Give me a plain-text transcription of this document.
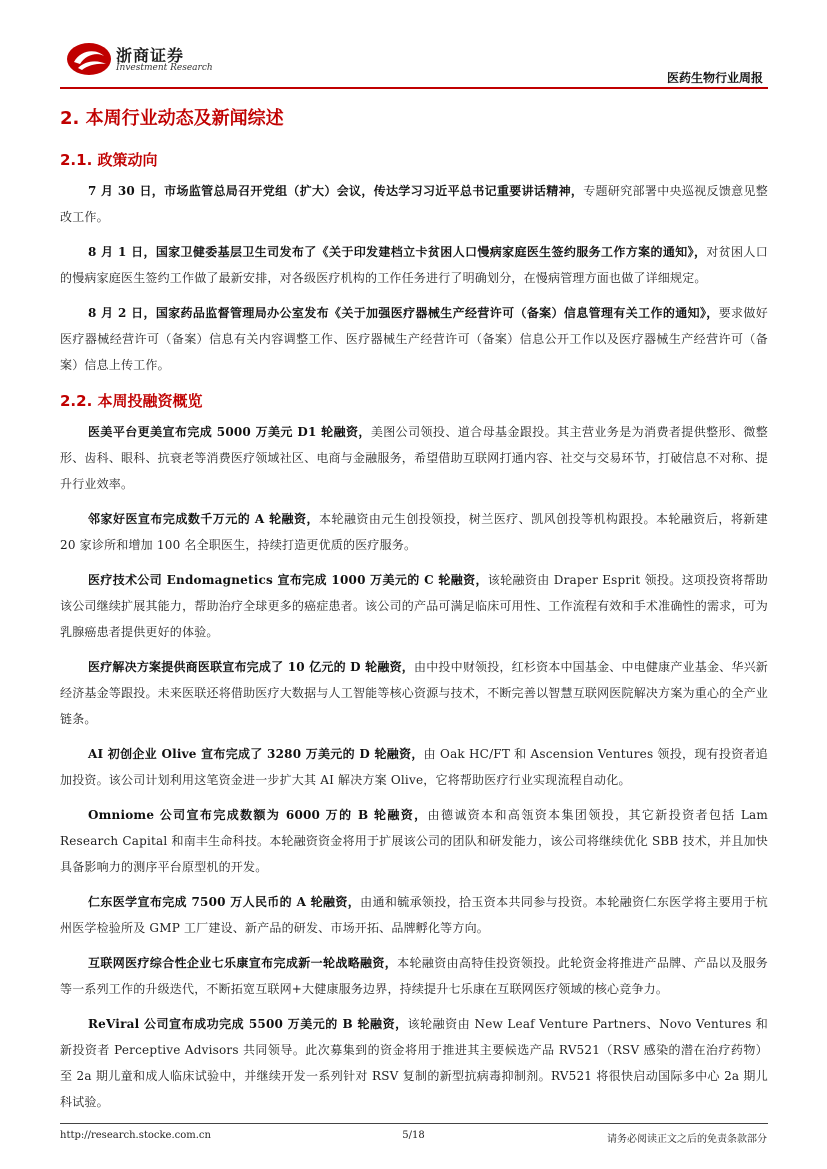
浙商证券
Investment Research
医药生物行业周报
2. 本周行业动态及新闻综述
2.1. 政策动向

7 月 30 日，市场监管总局召开党组（扩大）会议，传达学习习近平总书记重要讲话精神，专题研究部署中央巡视反馈意见整改工作。

8 月 1 日，国家卫健委基层卫生司发布了《关于印发建档立卡贫困人口慢病家庭医生签约服务工作方案的通知》，对贫困人口的慢病家庭医生签约工作做了最新安排，对各级医疗机构的工作任务进行了明确划分，在慢病管理方面也做了详细规定。

8 月 2 日，国家药品监督管理局办公室发布《关于加强医疗器械生产经营许可（备案）信息管理有关工作的通知》，要求做好医疗器械经营许可（备案）信息有关内容调整工作、医疗器械生产经营许可（备案）信息公开工作以及医疗器械生产经营许可（备案）信息上传工作。

2.2. 本周投融资概览

医美平台更美宣布完成 5000 万美元 D1 轮融资，美图公司领投、道合母基金跟投。其主营业务是为消费者提供整形、微整形、齿科、眼科、抗衰老等消费医疗领域社区、电商与金融服务，希望借助互联网打通内容、社交与交易环节，打破信息不对称、提升行业效率。

邻家好医宣布完成数千万元的 A 轮融资，本轮融资由元生创投领投，树兰医疗、凯风创投等机构跟投。本轮融资后，将新建 20 家诊所和增加 100 名全职医生，持续打造更优质的医疗服务。

医疗技术公司 Endomagnetics 宣布完成 1000 万美元的 C 轮融资，该轮融资由 Draper Esprit 领投。这项投资将帮助该公司继续扩展其能力，帮助治疗全球更多的癌症患者。该公司的产品可满足临床可用性、工作流程有效和手术准确性的需求，可为乳腺癌患者提供更好的体验。

医疗解决方案提供商医联宣布完成了 10 亿元的 D 轮融资，由中投中财领投，红杉资本中国基金、中电健康产业基金、华兴新经济基金等跟投。未来医联还将借助医疗大数据与人工智能等核心资源与技术，不断完善以智慧互联网医院解决方案为重心的全产业链条。

AI 初创企业 Olive 宣布完成了 3280 万美元的 D 轮融资，由 Oak HC/FT 和 Ascension Ventures 领投，现有投资者追加投资。该公司计划利用这笔资金进一步扩大其 AI 解决方案 Olive，它将帮助医疗行业实现流程自动化。

Omniome 公司宣布完成数额为 6000 万的 B 轮融资，由德诚资本和高瓴资本集团领投，其它新投资者包括 Lam Research Capital 和南丰生命科技。本轮融资资金将用于扩展该公司的团队和研发能力，该公司将继续优化 SBB 技术，并且加快具备影响力的测序平台原型机的开发。

仁东医学宣布完成 7500 万人民币的 A 轮融资，由通和毓承领投，拾玉资本共同参与投资。本轮融资仁东医学将主要用于杭州医学检验所及 GMP 工厂建设、新产品的研发、市场开拓、品牌孵化等方向。

互联网医疗综合性企业七乐康宣布完成新一轮战略融资，本轮融资由高特佳投资领投。此轮资金将推进产品牌、产品以及服务等一系列工作的升级迭代，不断拓宽互联网+大健康服务边界，持续提升七乐康在互联网医疗领域的核心竞争力。

ReViral 公司宣布成功完成 5500 万美元的 B 轮融资，该轮融资由 New Leaf Venture Partners、Novo Ventures 和新投资者 Perceptive Advisors 共同领导。此次募集到的资金将用于推进其主要候选产品 RV521（RSV 感染的潜在治疗药物）至 2a 期儿童和成人临床试验中，并继续开发一系列针对 RSV 复制的新型抗病毒抑制剂。RV521 将很快启动国际多中心 2a 期儿科试验。

http://research.stocke.com.cn	5/18	请务必阅读正文之后的免责条款部分
